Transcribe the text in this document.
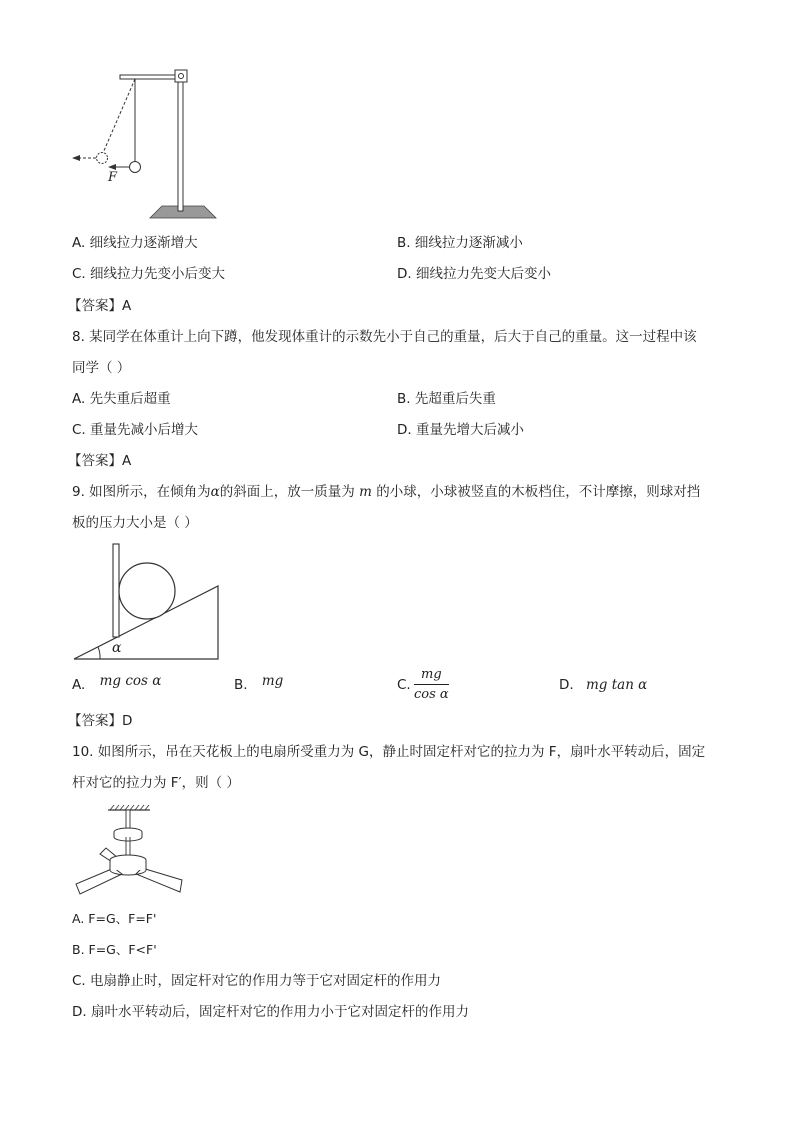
F
A. 细线拉力逐渐增大	B. 细线拉力逐渐减小
C. 细线拉力先变小后变大	D. 细线拉力先变大后变小
【答案】A
8. 某同学在体重计上向下蹲，他发现体重计的示数先小于自己的重量，后大于自己的重量。这一过程中该
同学（ ）
A. 先失重后超重	B. 先超重后失重
C. 重量先减小后增大	D. 重量先增大后减小
【答案】A
9. 如图所示，在倾角为α的斜面上，放一质量为 m 的小球，小球被竖直的木板档住，不计摩擦，则球对挡
板的压力大小是（ ）
α
A. mg cos α	B. mg	C. $\frac{mg}{\text{cos α}}$	D. mg tan α
【答案】D
10. 如图所示，吊在天花板上的电扇所受重力为 G，静止时固定杆对它的拉力为 F，扇叶水平转动后，固定
杆对它的拉力为 F′，则（ ）
A. F=G、F=F'
B. F=G、F<F'
C. 电扇静止时，固定杆对它的作用力等于它对固定杆的作用力
D. 扇叶水平转动后，固定杆对它的作用力小于它对固定杆的作用力
